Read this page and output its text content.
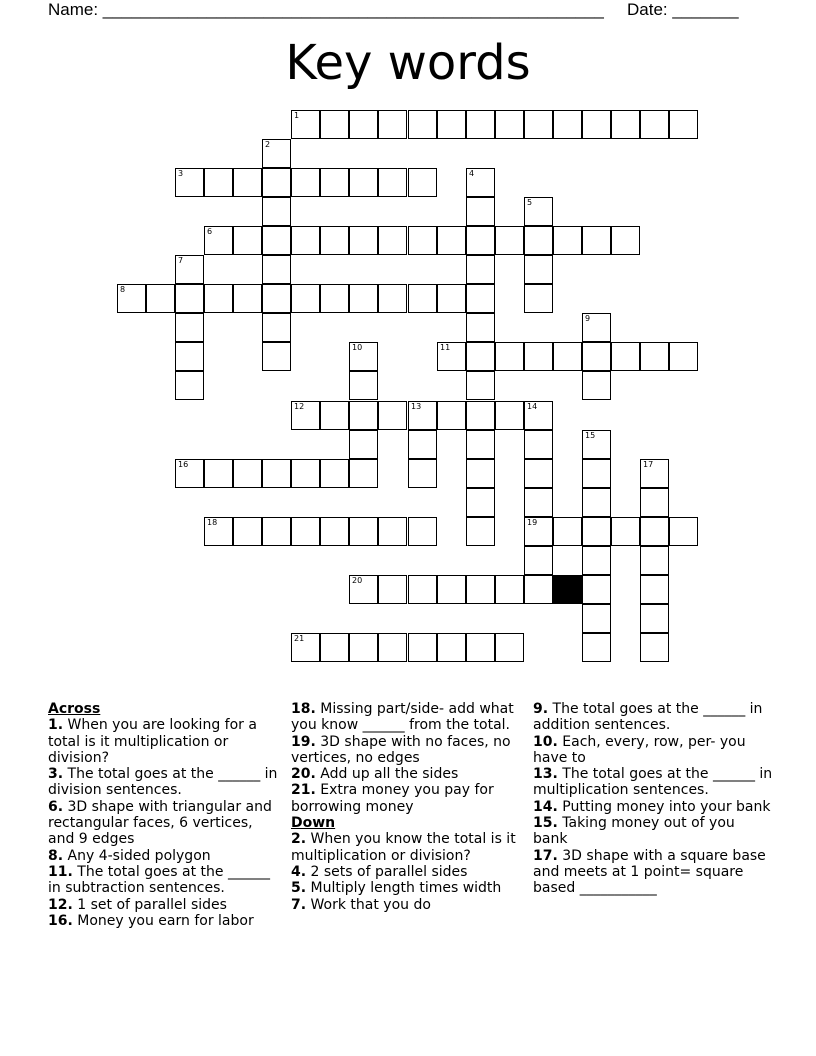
Name: _____________________________________________________ Date: _______
Key words
1
2
3	4
5
6
7
8
9
10	11
12	13	14
19
15
16	17
18
20
21

Across

1. When you are looking for a total is it multiplication or division?

3. The total goes at the ______ in division sentences.

6. 3D shape with triangular and rectangular faces, 6 vertices, and 9 edges

8. Any 4-sided polygon

11. The total goes at the ______ in subtraction sentences.

12. 1 set of parallel sides

16. Money you earn for labor

18. Missing part/side- add what you know ______ from the total.

19. 3D shape with no faces, no vertices, no edges

20. Add up all the sides

21. Extra money you pay for borrowing money

Down

2. When you know the total is it multiplication or division?

4. 2 sets of parallel sides

5. Multiply length times width

7. Work that you do

9. The total goes at the ______ in addition sentences.

10. Each, every, row, per- you have to

13. The total goes at the ______ in multiplication sentences.

14. Putting money into your bank

15. Taking money out of you bank

17. 3D shape with a square base and meets at 1 point= square based ___________
